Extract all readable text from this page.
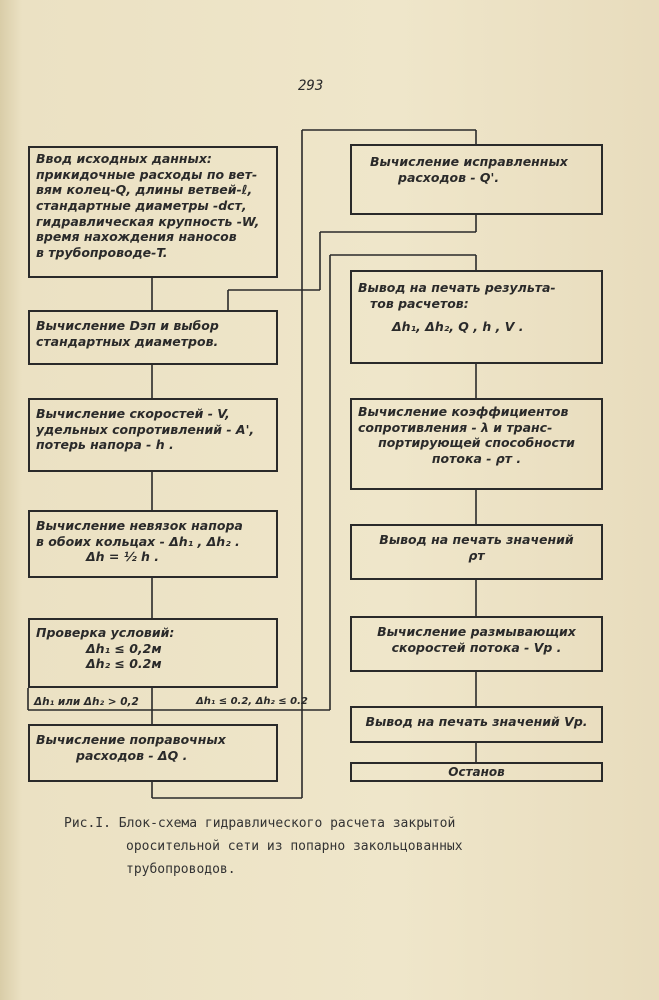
293
Ввод исходных данных:
прикидочные расходы по вет-
вям колец-Q, длины ветвей-ℓ,
стандартные диаметры -dст,
гидравлическая крупность -W,
время нахождения наносов
в трубопроводе-T.
Вычисление Dэп и выбор
стандартных диаметров.
Вычисление скоростей - V,
удельных сопротивлений - A',
потерь напора - h .
Вычисление невязок напора
в обоих кольцах - Δh₁ , Δh₂ .
Δh = ½ h .
Проверка условий:
Δh₁ ≤ 0,2м
Δh₂ ≤ 0.2м
Δh₁ или Δh₂ > 0,2	Δh₁ ≤ 0.2, Δh₂ ≤ 0.2
Вычисление поправочных
расходов - ΔQ .
Вычисление исправленных
расходов - Q'.
Вывод на печать результа-
тов расчетов:
Δh₁, Δh₂, Q , h , V .
Вычисление коэффициентов
сопротивления - λ и транс-
портирующей способности
потока - ρт .
Вывод на печать значений
ρт
Вычисление размывающих
скоростей потока - Vр .
Вывод на печать значений Vр.
Останов
Рис.I. Блок-схема гидравлического расчета закрытой
оросительной сети из попарно закольцованных
трубопроводов.
